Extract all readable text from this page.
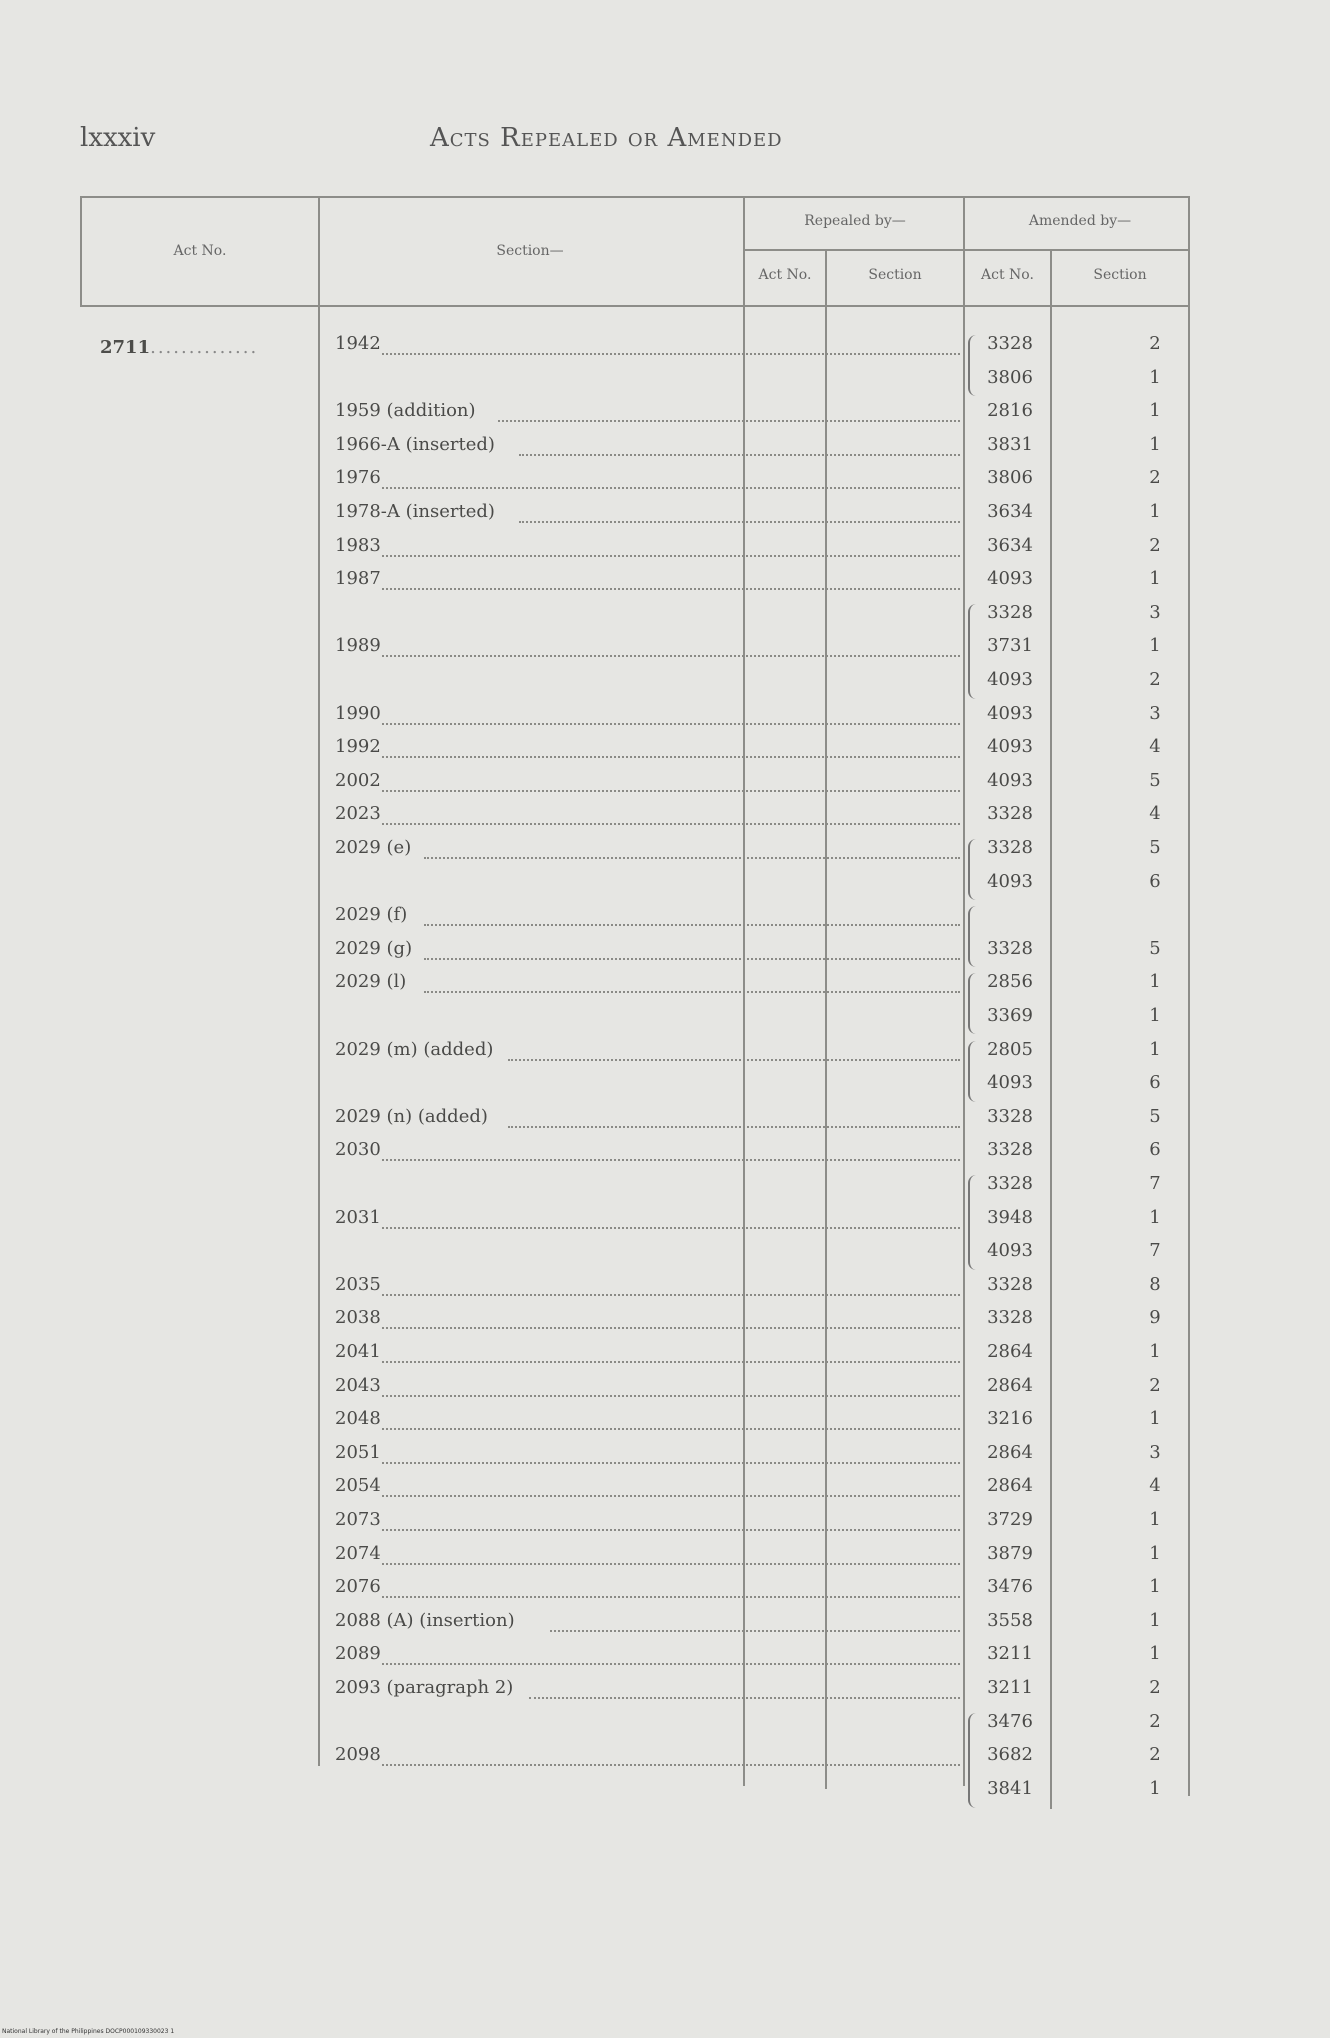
lxxxiv	Acts Repealed or Amended
Act No.	Section—
Repealed by—	Amended by—
Act No.	Section	Act No.	Section
2711..............	1942	3328	2
3806	1
1959 (addition)	2816	1
1966-A (inserted)	3831	1
1976	3806	2
1978-A (inserted)	3634	1
1983	3634	2
1987	4093	1
3328	3
1989	3731	1
4093	2
1990	4093	3
1992	4093	4
2002	4093	5
2023	3328	4
2029 (e)	3328	5
4093	6
2029 (f)
2029 (g)	3328	5
2029 (l)	2856	1
3369	1
2029 (m) (added)	2805	1
4093	6
2029 (n) (added)	3328	5
2030	3328	6
3328	7
2031	3948	1
4093	7
2035	3328	8
2038	3328	9
2041	2864	1
2043	2864	2
2048	3216	1
2051	2864	3
2054	2864	4
2073	3729	1
2074	3879	1
2076	3476	1
2088 (A) (insertion)	3558	1
2089	3211	1
2093 (paragraph 2)	3211	2
3476	2
2098	3682	2
3841	1
National Library of the Philippines DOCP000109330023 1
